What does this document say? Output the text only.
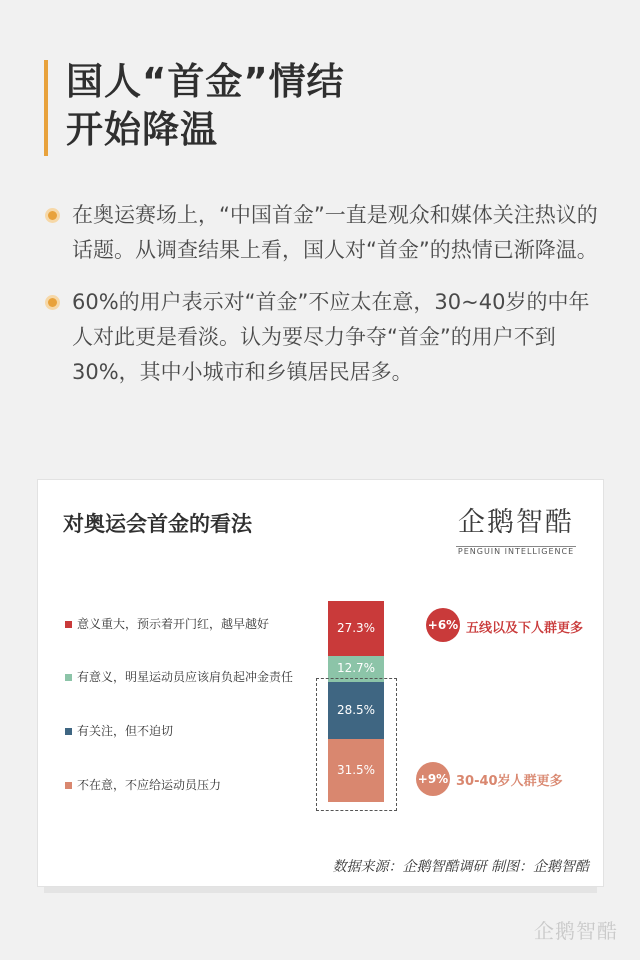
国人“首金”情结
开始降温
在奥运赛场上，“中国首金”一直是观众和媒体关注热议的话题。从调查结果上看，国人对“首金”的热情已渐降温。
60%的用户表示对“首金”不应太在意，30~40岁的中年人对此更是看淡。认为要尽力争夺“首金”的用户不到30%，其中小城市和乡镇居民居多。
对奥运会首金的看法	企鹅智酷
PENGUIN INTELLIGENCE
意义重大，预示着开门红，越早越好
有意义，明星运动员应该肩负起冲金责任
有关注，但不迫切
不在意，不应给运动员压力
27.3%
12.7%
28.5%
31.5%
+6% 五线以及下人群更多
+9% 30-40岁人群更多
数据来源：企鹅智酷调研 制图：企鹅智酷
企鹅智酷
